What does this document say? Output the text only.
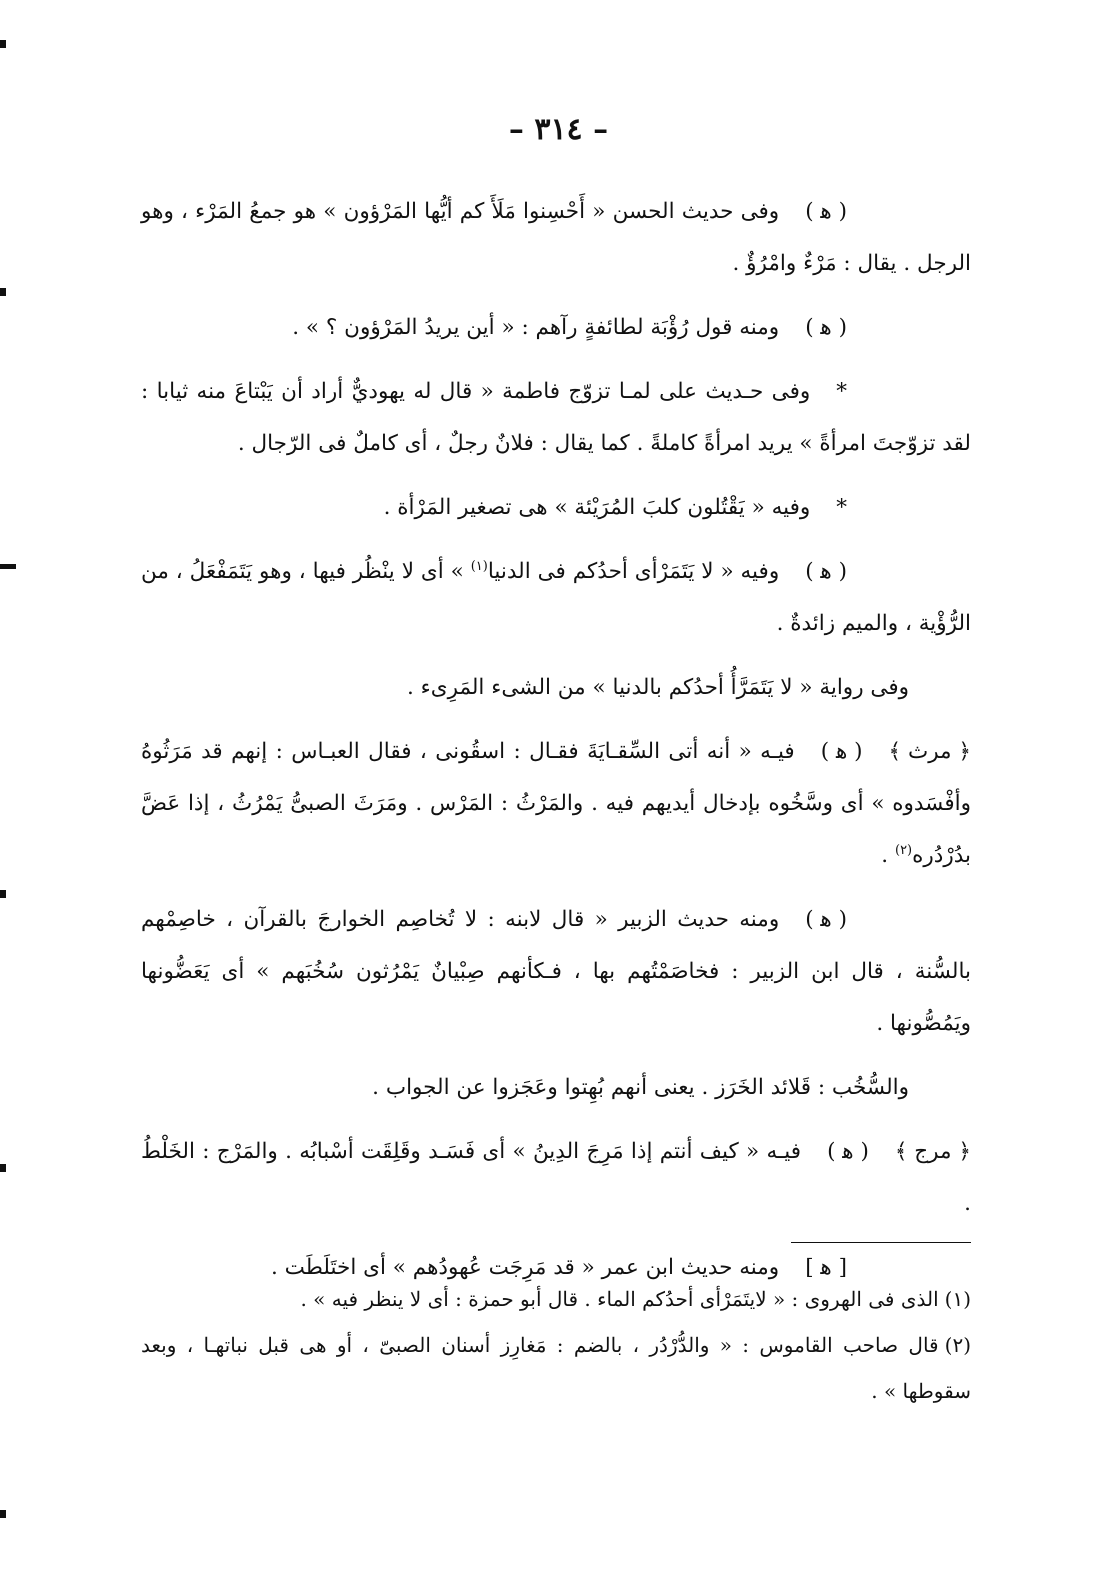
– ٣١٤ –

( ﻫ )وفى حديث الحسن « أَحْسِنوا مَلَأَ كم أيُّها المَرْؤون » هو جمعُ المَرْء ، وهو الرجل . يقال : مَرْءٌ وامْرُؤٌ .

( ﻫ )ومنه قول رُؤْبَة لطائفةٍ رآهم : « أين يريدُ المَرْؤون ؟ » .

*وفى حـديث على لمـا تزوّج فاطمة « قال له يهوديٌّ أراد أن يَبْتاعَ منه ثيابا : لقد تزوّجتَ امرأةً » يريد امرأةً كاملةً . كما يقال : فلانٌ رجلٌ ، أى كاملٌ فى الرّجال .

*وفيه « يَقْتُلون كلبَ المُرَيْئة » هى تصغير المَرْأة .

( ﻫ )وفيه « لا يَتَمَرْأى أحدُكم فى الدنيا$^{(١)}$ » أى لا ينْظُر فيها ، وهو يَتَمَفْعَلُ ، من الرُّؤْية ، والميم زائدةٌ .

وفى رواية « لا يَتَمَرَّأُ أحدُكم بالدنيا » من الشىء المَرِىء .

﴿ مرث ﴾( ﻫ )فيـه « أنه أتى السِّقـايَةَ فقـال : اسقُونى ، فقال العبـاس : إنهم قد مَرَثُوهُ وأفْسَدوه » أى وسَّخُوه بإدخال أيديهم فيه . والمَرْثُ : المَرْس . ومَرَثَ الصبىُّ يَمْرُثُ ، إذا عَضَّ بدُرْدُره$^{(٢)}$ .

( ﻫ )ومنه حديث الزبير « قال لابنه : لا تُخاصِم الخوارجَ بالقرآن ، خاصِمْهم بالسُّنة ، قال ابن الزبير : فخاصَمْتُهم بها ، فـكأنهم صِبْيانٌ يَمْرُثون سُخُبَهم » أى يَعَضُّونها ويَمُصُّونها .

والسُّخُب : قَلائد الخَرَز . يعنى أنهم بُهِتوا وعَجَزوا عن الجواب .

﴿ مرج ﴾( ﻫ )فيـه « كيف أنتم إذا مَرِجَ الدِينُ » أى فَسَـد وقَلِقَت أسْبابُه . والمَرْج : الخَلْطُ .

[ ﻫ ]ومنه حديث ابن عمر « قد مَرِجَت عُهودُهم » أى اختَلَطَت .

(١)الذى فى الهروى : « لايتَمَرْأى أحدُكم الماء . قال أبو حمزة : أى لا ينظر فيه » .

(٢)قال صاحب القاموس : « والدُّرْدُر ، بالضم : مَغارِز أسنان الصبىّ ، أو هى قبل نباتهـا ، وبعد سقوطها » .
